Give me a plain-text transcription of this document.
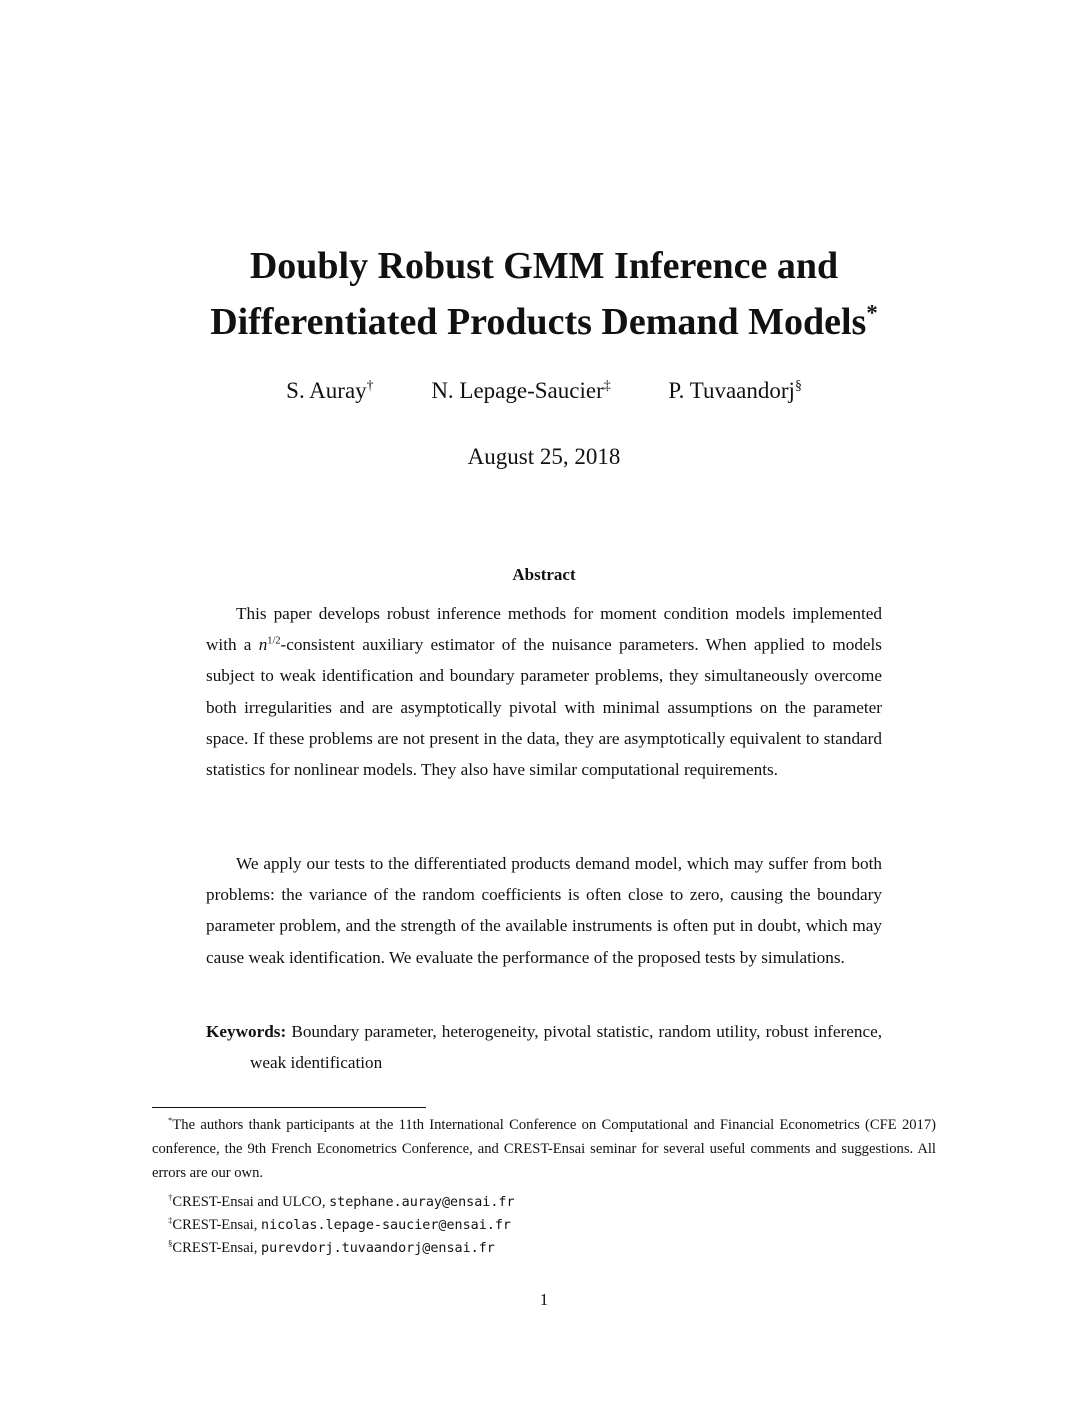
Doubly Robust GMM Inference and
Differentiated Products Demand Models*
S. Auray†	N. Lepage-Saucier‡	P. Tuvaandorj§
August 25, 2018
Abstract

This paper develops robust inference methods for moment condition models implemented with a $n^{1/2}$-consistent auxiliary estimator of the nuisance parameters. When applied to models subject to weak identification and boundary parameter problems, they simultaneously overcome both irregularities and are asymptotically pivotal with minimal assumptions on the parameter space. If these problems are not present in the data, they are asymptotically equivalent to standard statistics for nonlinear models. They also have similar computational requirements.

We apply our tests to the differentiated products demand model, which may suffer from both problems: the variance of the random coefficients is often close to zero, causing the boundary parameter problem, and the strength of the available instruments is often put in doubt, which may cause weak identification. We evaluate the performance of the proposed tests by simulations.

Keywords: Boundary parameter, heterogeneity, pivotal statistic, random utility, robust inference, weak identification

*The authors thank participants at the 11th International Conference on Computational and Financial Econometrics (CFE 2017) conference, the 9th French Econometrics Conference, and CREST-Ensai seminar for several useful comments and suggestions. All errors are our own.

†CREST-Ensai and ULCO, stephane.auray@ensai.fr

‡CREST-Ensai, nicolas.lepage-saucier@ensai.fr

§CREST-Ensai, purevdorj.tuvaandorj@ensai.fr

1
